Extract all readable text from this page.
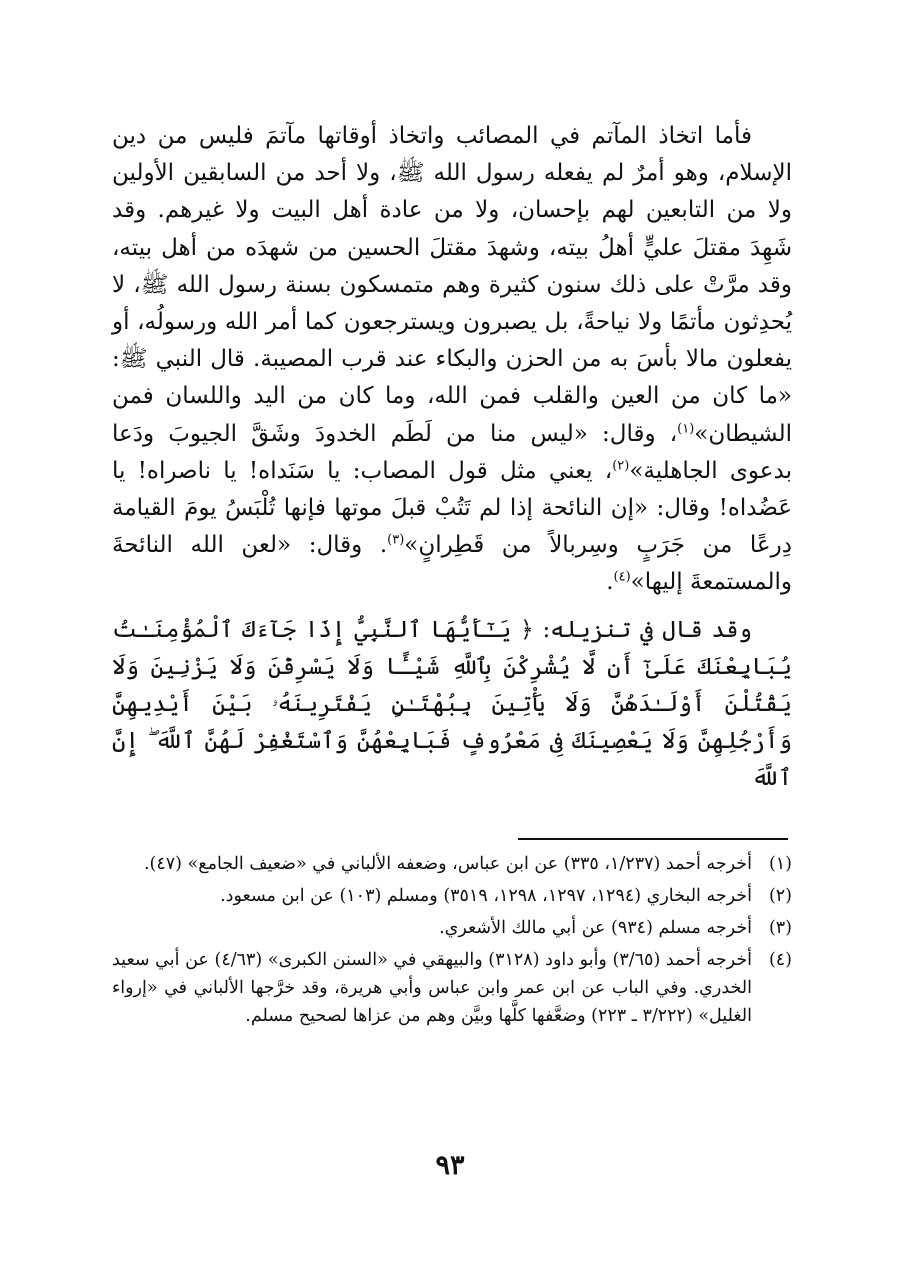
فأما اتخاذ المآتم في المصائب واتخاذ أوقاتها مآتمَ فليس من دين الإسلام، وهو أمرٌ لم يفعله رسول الله ﷺ، ولا أحد من السابقين الأولين ولا من التابعين لهم بإحسان، ولا من عادة أهل البيت ولا غيرهم. وقد شَهِدَ مقتلَ عليٍّ أهلُ بيته، وشهدَ مقتلَ الحسين من شهدَه من أهل بيته، وقد مرَّتْ على ذلك سنون كثيرة وهم متمسكون بسنة رسول الله ﷺ، لا يُحدِثون مأتمًا ولا نياحةً، بل يصبرون ويسترجعون كما أمر الله ورسولُه، أو يفعلون مالا بأسَ به من الحزن والبكاء عند قرب المصيبة. قال النبي ﷺ: «ما كان من العين والقلب فمن الله، وما كان من اليد واللسان فمن الشيطان»$^{(١)}$، وقال: «ليس منا من لَطَم الخدودَ وشَقَّ الجيوبَ ودَعا بدعوى الجاهلية»$^{(٢)}$، يعني مثل قول المصاب: يا سَنَداه! يا ناصراه! يا عَضُداه! وقال: «إن النائحة إذا لم تَتُبْ قبلَ موتها فإنها تُلْبَسُ يومَ القيامة دِرعًا من جَرَبٍ وسِربالاً من قَطِرانٍ»$^{(٣)}$. وقال: «لعن الله النائحةَ والمستمعةَ إليها»$^{(٤)}$.

وقد قال في تنزيله: ﴿ يَـٰٓأَيُّهَا ٱلنَّبِيُّ إِذَا جَآءَكَ ٱلْمُؤْمِنَـٰتُ يُبَايِعْنَكَ عَلَىٰٓ أَن لَّا يُشْرِكْنَ بِٱللَّهِ شَيْـًٔا وَلَا يَسْرِقْنَ وَلَا يَزْنِينَ وَلَا يَقْتُلْنَ أَوْلَـٰدَهُنَّ وَلَا يَأْتِينَ بِبُهْتَـٰنٍ يَفْتَرِينَهُۥ بَيْنَ أَيْدِيهِنَّ وَأَرْجُلِهِنَّ وَلَا يَعْصِينَكَ فِى مَعْرُوفٍ فَبَايِعْهُنَّ وَٱسْتَغْفِرْ لَهُنَّ ٱللَّهَ ۖ إِنَّ ٱللَّهَ

(١)
أخرجه أحمد (١/٢٣٧، ٣٣٥) عن ابن عباس، وضعفه الألباني في «ضعيف الجامع» (٤٧).
(٢)
أخرجه البخاري (١٢٩٤، ١٢٩٧، ١٢٩٨، ٣٥١٩) ومسلم (١٠٣) عن ابن مسعود.
(٣)
أخرجه مسلم (٩٣٤) عن أبي مالك الأشعري.
(٤)
أخرجه أحمد (٣/٦٥) وأبو داود (٣١٢٨) والبيهقي في «السنن الكبرى» (٤/٦٣) عن أبي سعيد الخدري. وفي الباب عن ابن عمر وابن عباس وأبي هريرة، وقد خرَّجها الألباني في «إرواء الغليل» (٣/٢٢٢ ـ ٢٢٣) وضعَّفها كلَّها وبيَّن وهم من عزاها لصحيح مسلم.
٩٣
